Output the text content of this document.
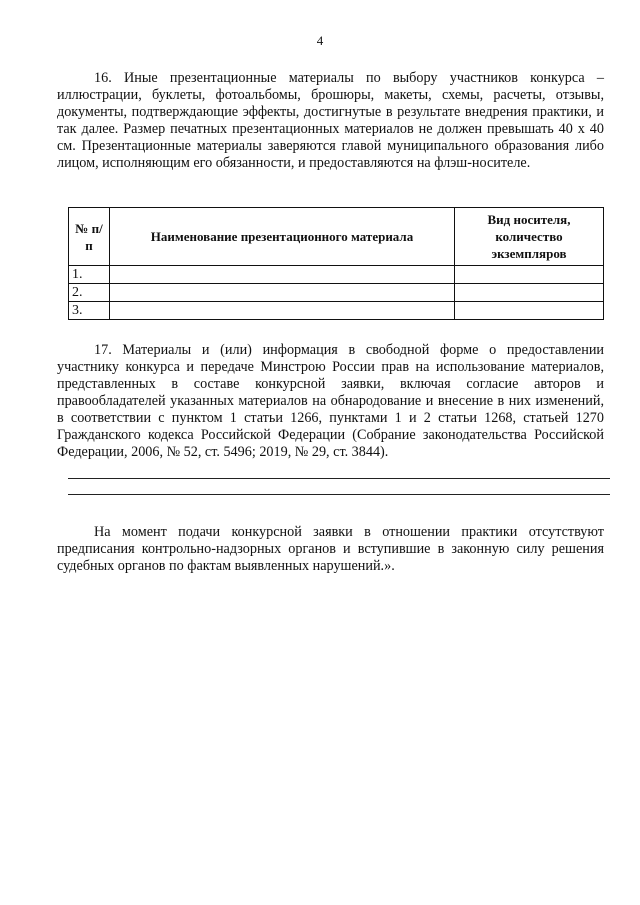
4

16. Иные презентационные материалы по выбору участников конкурса – иллюстрации, буклеты, фотоальбомы, брошюры, макеты, схемы, расчеты, отзывы, документы, подтверждающие эффекты, достигнутые в результате внедрения практики, и так далее. Размер печатных презентационных материалов не должен превышать 40 х 40 см. Презентационные материалы заверяются главой муниципального образования либо лицом, исполняющим его обязанности, и предоставляются на флэш-носителе.

№ п/п	Наименование презентационного материала	Вид носителя, количество экземпляров
1.		
2.		
3.		

17. Материалы и (или) информация в свободной форме о предоставлении участнику конкурса и передаче Минстрою России прав на использование материалов, представленных в составе конкурсной заявки, включая согласие авторов и правообладателей указанных материалов на обнародование и внесение в них изменений, в соответствии с пунктом 1 статьи 1266, пунктами 1 и 2 статьи 1268, статьей 1270 Гражданского кодекса Российской Федерации (Собрание законодательства Российской Федерации, 2006, № 52, ст. 5496; 2019, № 29, ст. 3844).

На момент подачи конкурсной заявки в отношении практики отсутствуют предписания контрольно-надзорных органов и вступившие в законную силу решения судебных органов по фактам выявленных нарушений.».
